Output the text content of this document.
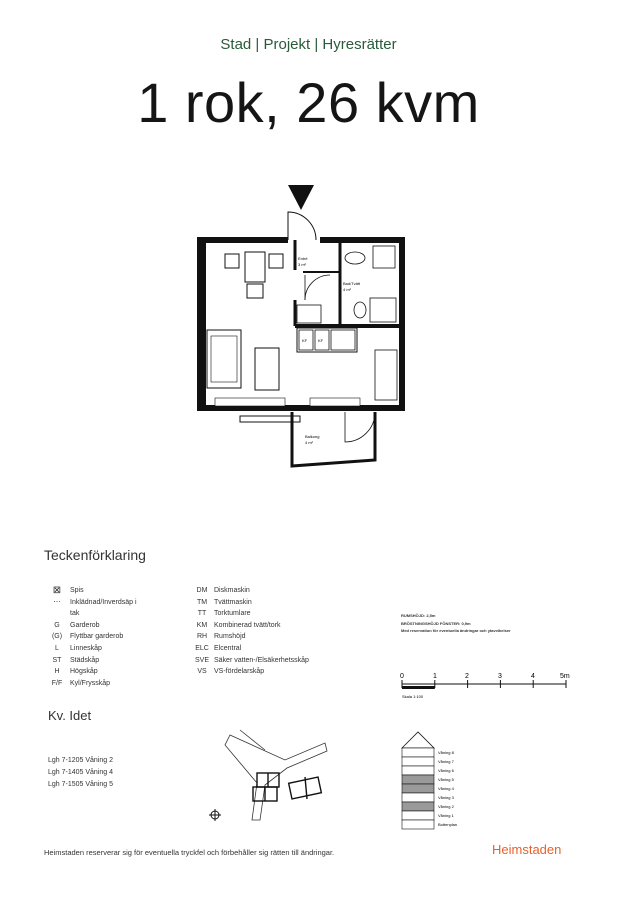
Stad | Projekt | Hyresrätter
1 rok, 26 kvm
Entré
3 m²
Bad/Tvätt
4 m²
KF	KF
Balkong
4 m²
Teckenförklaring
⊠	Spis
⋯	Inklädnad/Inverdsäp i
tak
G	Garderob
(G)	Flyttbar garderob
L	Linneskåp
ST	Städskåp
H	Högskåp
F/F	Kyl/Frysskåp
DM Diskmaskin
TM Tvättmaskin
TT	Torktumlare
KM Kombinerad tvätt/tork
RH Rumshöjd
ELC Elcentral
SVE Säker vatten-/Elsäkerhetsskåp
VS	VS-fördelarskåp
RUMSHÖJD: 2,5m
BRÖSTNINGSHÖJD FÖNSTER: 0,9m
Med reservation för eventuella ändringar och ytavvikelser
0	1	2	3	4	5m
Skala 1:100
Kv. Idet
Lgh 7-1205 Våning 2
Lgh 7-1405 Våning 4
Lgh 7-1505 Våning 5
Våning 8
Våning 7
Våning 6
Våning 5
Våning 4
Våning 3
Våning 2
Våning 1
Bottenplan
Heimstaden reserverar sig för eventuella tryckfel och förbehåller sig rätten till ändringar.	Heimstaden
